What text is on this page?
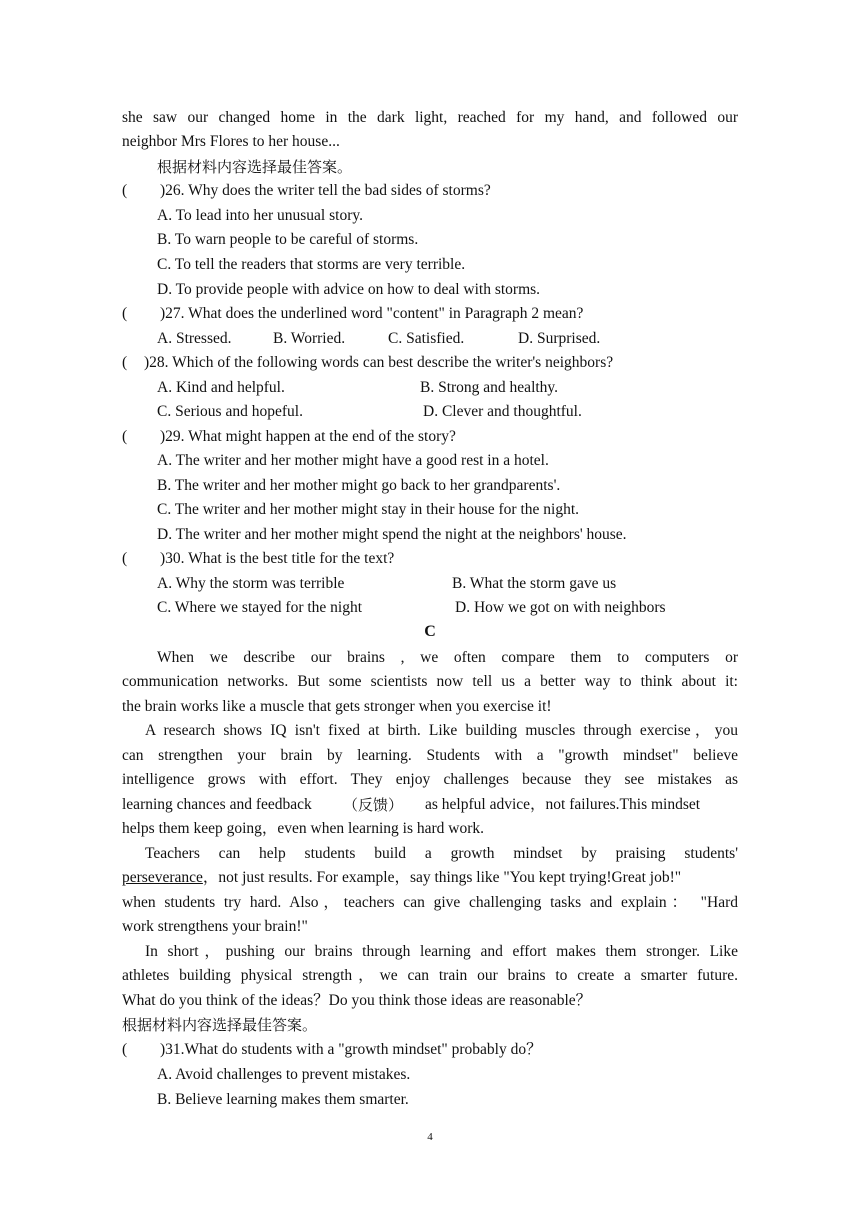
she saw our changed home in the dark light, reached for my hand, and followed our
neighbor Mrs Flores to her house...
根据材料内容选择最佳答案。
( )26. Why does the writer tell the bad sides of storms?
A. To lead into her unusual story.
B. To warn people to be careful of storms.
C. To tell the readers that storms are very terrible.
D. To provide people with advice on how to deal with storms.
( )27. What does the underlined word "content" in Paragraph 2 mean?
A. Stressed.	B. Worried.	C. Satisfied.	D. Surprised.
( )28. Which of the following words can best describe the writer's neighbors?
A. Kind and helpful.	B. Strong and healthy.
C. Serious and hopeful.	D. Clever and thoughtful.
( )29. What might happen at the end of the story?
A. The writer and her mother might have a good rest in a hotel.
B. The writer and her mother might go back to her grandparents'.
C. The writer and her mother might stay in their house for the night.
D. The writer and her mother might spend the night at the neighbors' house.
( )30. What is the best title for the text?
A. Why the storm was terrible	B. What the storm gave us
C. Where we stayed for the night	D. How we got on with neighbors
C
When we describe our brains , we often compare them to computers or
communication networks. But some scientists now tell us a better way to think about it:
the brain works like a muscle that gets stronger when you exercise it!
A research shows IQ isn't fixed at birth. Like building muscles through exercise，you
can strengthen your brain by learning. Students with a "growth mindset" believe
intelligence grows with effort. They enjoy challenges because they see mistakes as
learning chances and feedback （反馈） as helpful advice，not failures.This mindset
helps them keep going，even when learning is hard work.
Teachers can help students build a growth mindset by praising students'
perseverance，not just results. For example，say things like "You kept trying!Great job!"
when students try hard. Also，teachers can give challenging tasks and explain： "Hard
work strengthens your brain!"
In short，pushing our brains through learning and effort makes them stronger. Like
athletes building physical strength，we can train our brains to create a smarter future.
What do you think of the ideas？Do you think those ideas are reasonable？
根据材料内容选择最佳答案。
( )31.What do students with a "growth mindset" probably do？
A. Avoid challenges to prevent mistakes.
B. Believe learning makes them smarter.
4
